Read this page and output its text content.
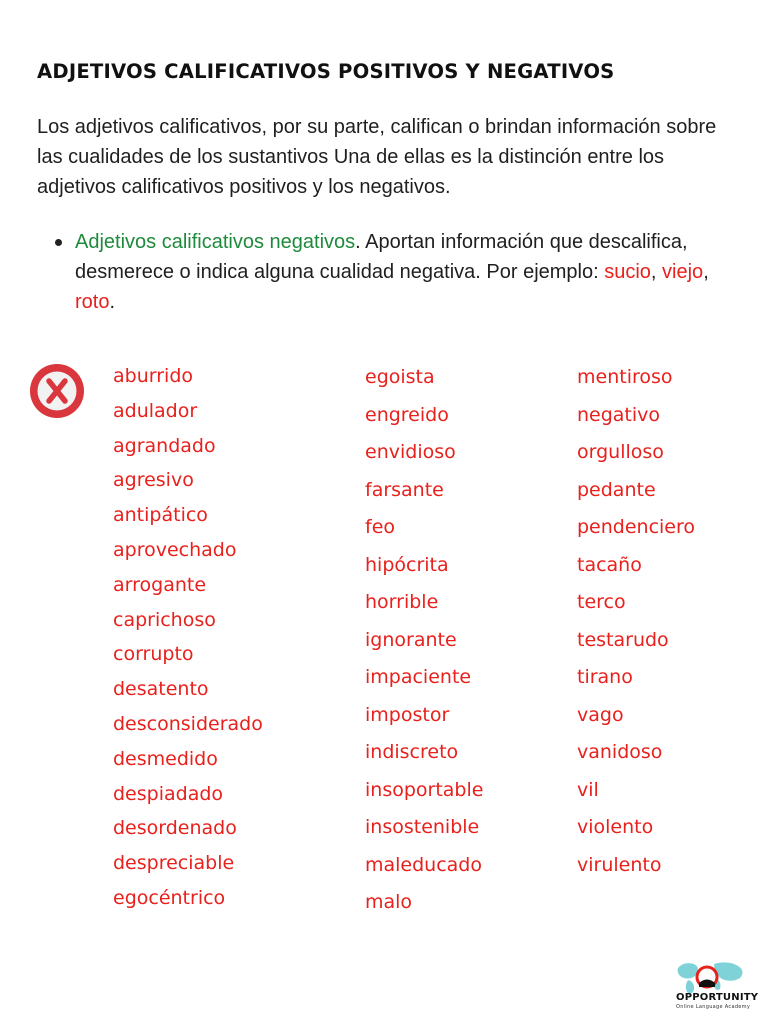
ADJETIVOS CALIFICATIVOS POSITIVOS Y NEGATIVOS
Los adjetivos calificativos, por su parte, califican o brindan información sobre las cualidades de los sustantivos Una de ellas es la distinción entre los adjetivos calificativos positivos y los negativos.
Adjetivos calificativos negativos. Aportan información que descalifica, desmerece o indica alguna cualidad negativa. Por ejemplo: sucio, viejo, roto.
aburrido
adulador
agrandado
agresivo
antipático
aprovechado
arrogante
caprichoso
corrupto
desatento
desconsiderado
desmedido
despiadado
desordenado
despreciable
egocéntrico
egoista
engreido
envidioso
farsante
feo
hipócrita
horrible
ignorante
impaciente
impostor
indiscreto
insoportable
insostenible
maleducado
malo
mentiroso
negativo
orgulloso
pedante
pendenciero
tacaño
terco
testarudo
tirano
vago
vanidoso
vil
violento
virulento
OPPORTUNITY
Online Language Academy
